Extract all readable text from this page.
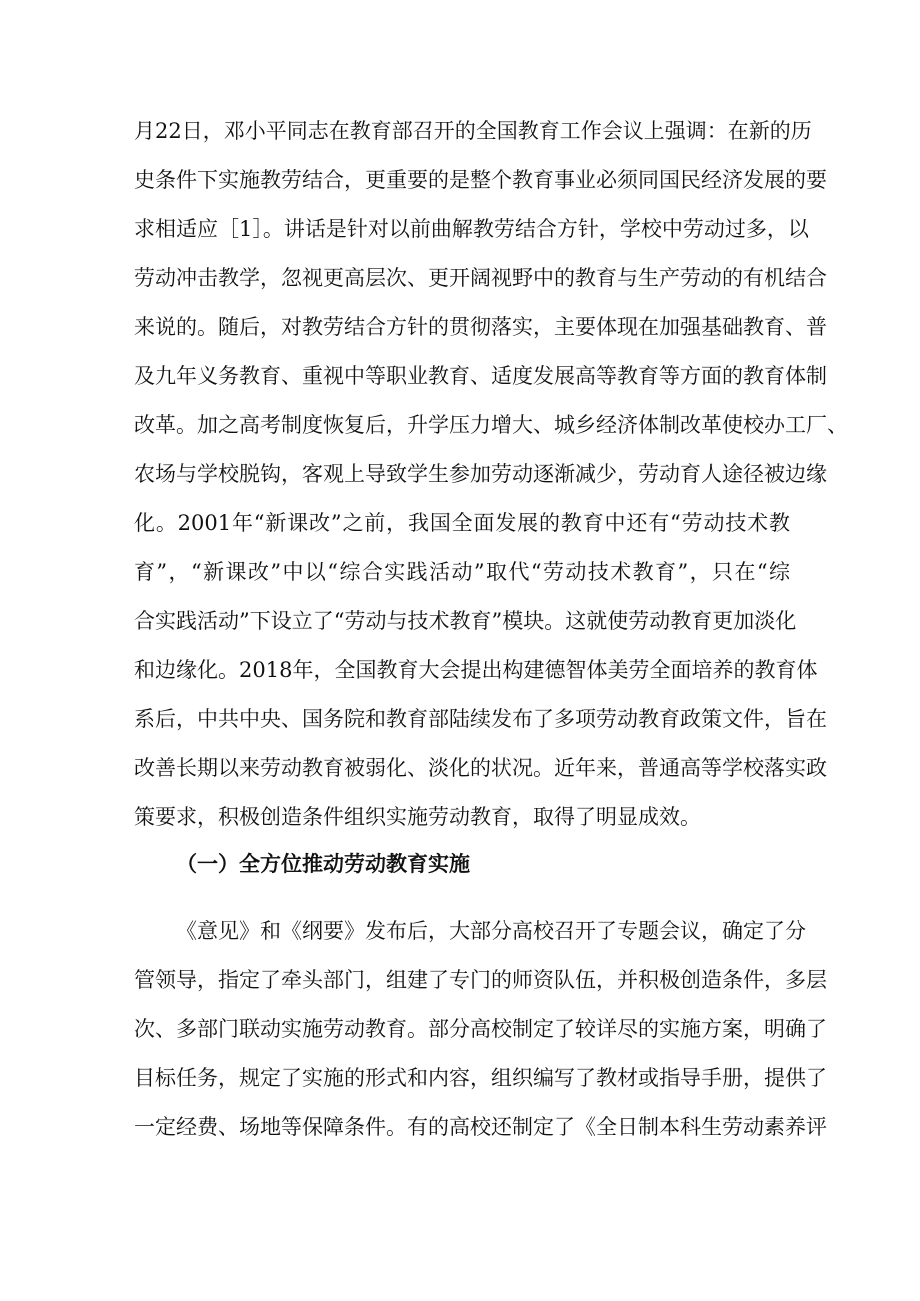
月22日，邓小平同志在教育部召开的全国教育工作会议上强调：在新的历
史条件下实施教劳结合，更重要的是整个教育事业必须同国民经济发展的要
求相适应［1］。讲话是针对以前曲解教劳结合方针，学校中劳动过多，以
劳动冲击教学，忽视更高层次、更开阔视野中的教育与生产劳动的有机结合
来说的。随后，对教劳结合方针的贯彻落实，主要体现在加强基础教育、普
及九年义务教育、重视中等职业教育、适度发展高等教育等方面的教育体制
改革。加之高考制度恢复后，升学压力增大、城乡经济体制改革使校办工厂、
农场与学校脱钩，客观上导致学生参加劳动逐渐减少，劳动育人途径被边缘
化。2001年“新课改”之前，我国全面发展的教育中还有“劳动技术教
育”，“新课改”中以“综合实践活动”取代“劳动技术教育”，只在“综
合实践活动”下设立了“劳动与技术教育”模块。这就使劳动教育更加淡化
和边缘化。2018年，全国教育大会提出构建德智体美劳全面培养的教育体
系后，中共中央、国务院和教育部陆续发布了多项劳动教育政策文件，旨在
改善长期以来劳动教育被弱化、淡化的状况。近年来，普通高等学校落实政
策要求，积极创造条件组织实施劳动教育，取得了明显成效。
（一）全方位推动劳动教育实施
《意见》和《纲要》发布后，大部分高校召开了专题会议，确定了分
管领导，指定了牵头部门，组建了专门的师资队伍，并积极创造条件，多层
次、多部门联动实施劳动教育。部分高校制定了较详尽的实施方案，明确了
目标任务，规定了实施的形式和内容，组织编写了教材或指导手册，提供了
一定经费、场地等保障条件。有的高校还制定了《全日制本科生劳动素养评
